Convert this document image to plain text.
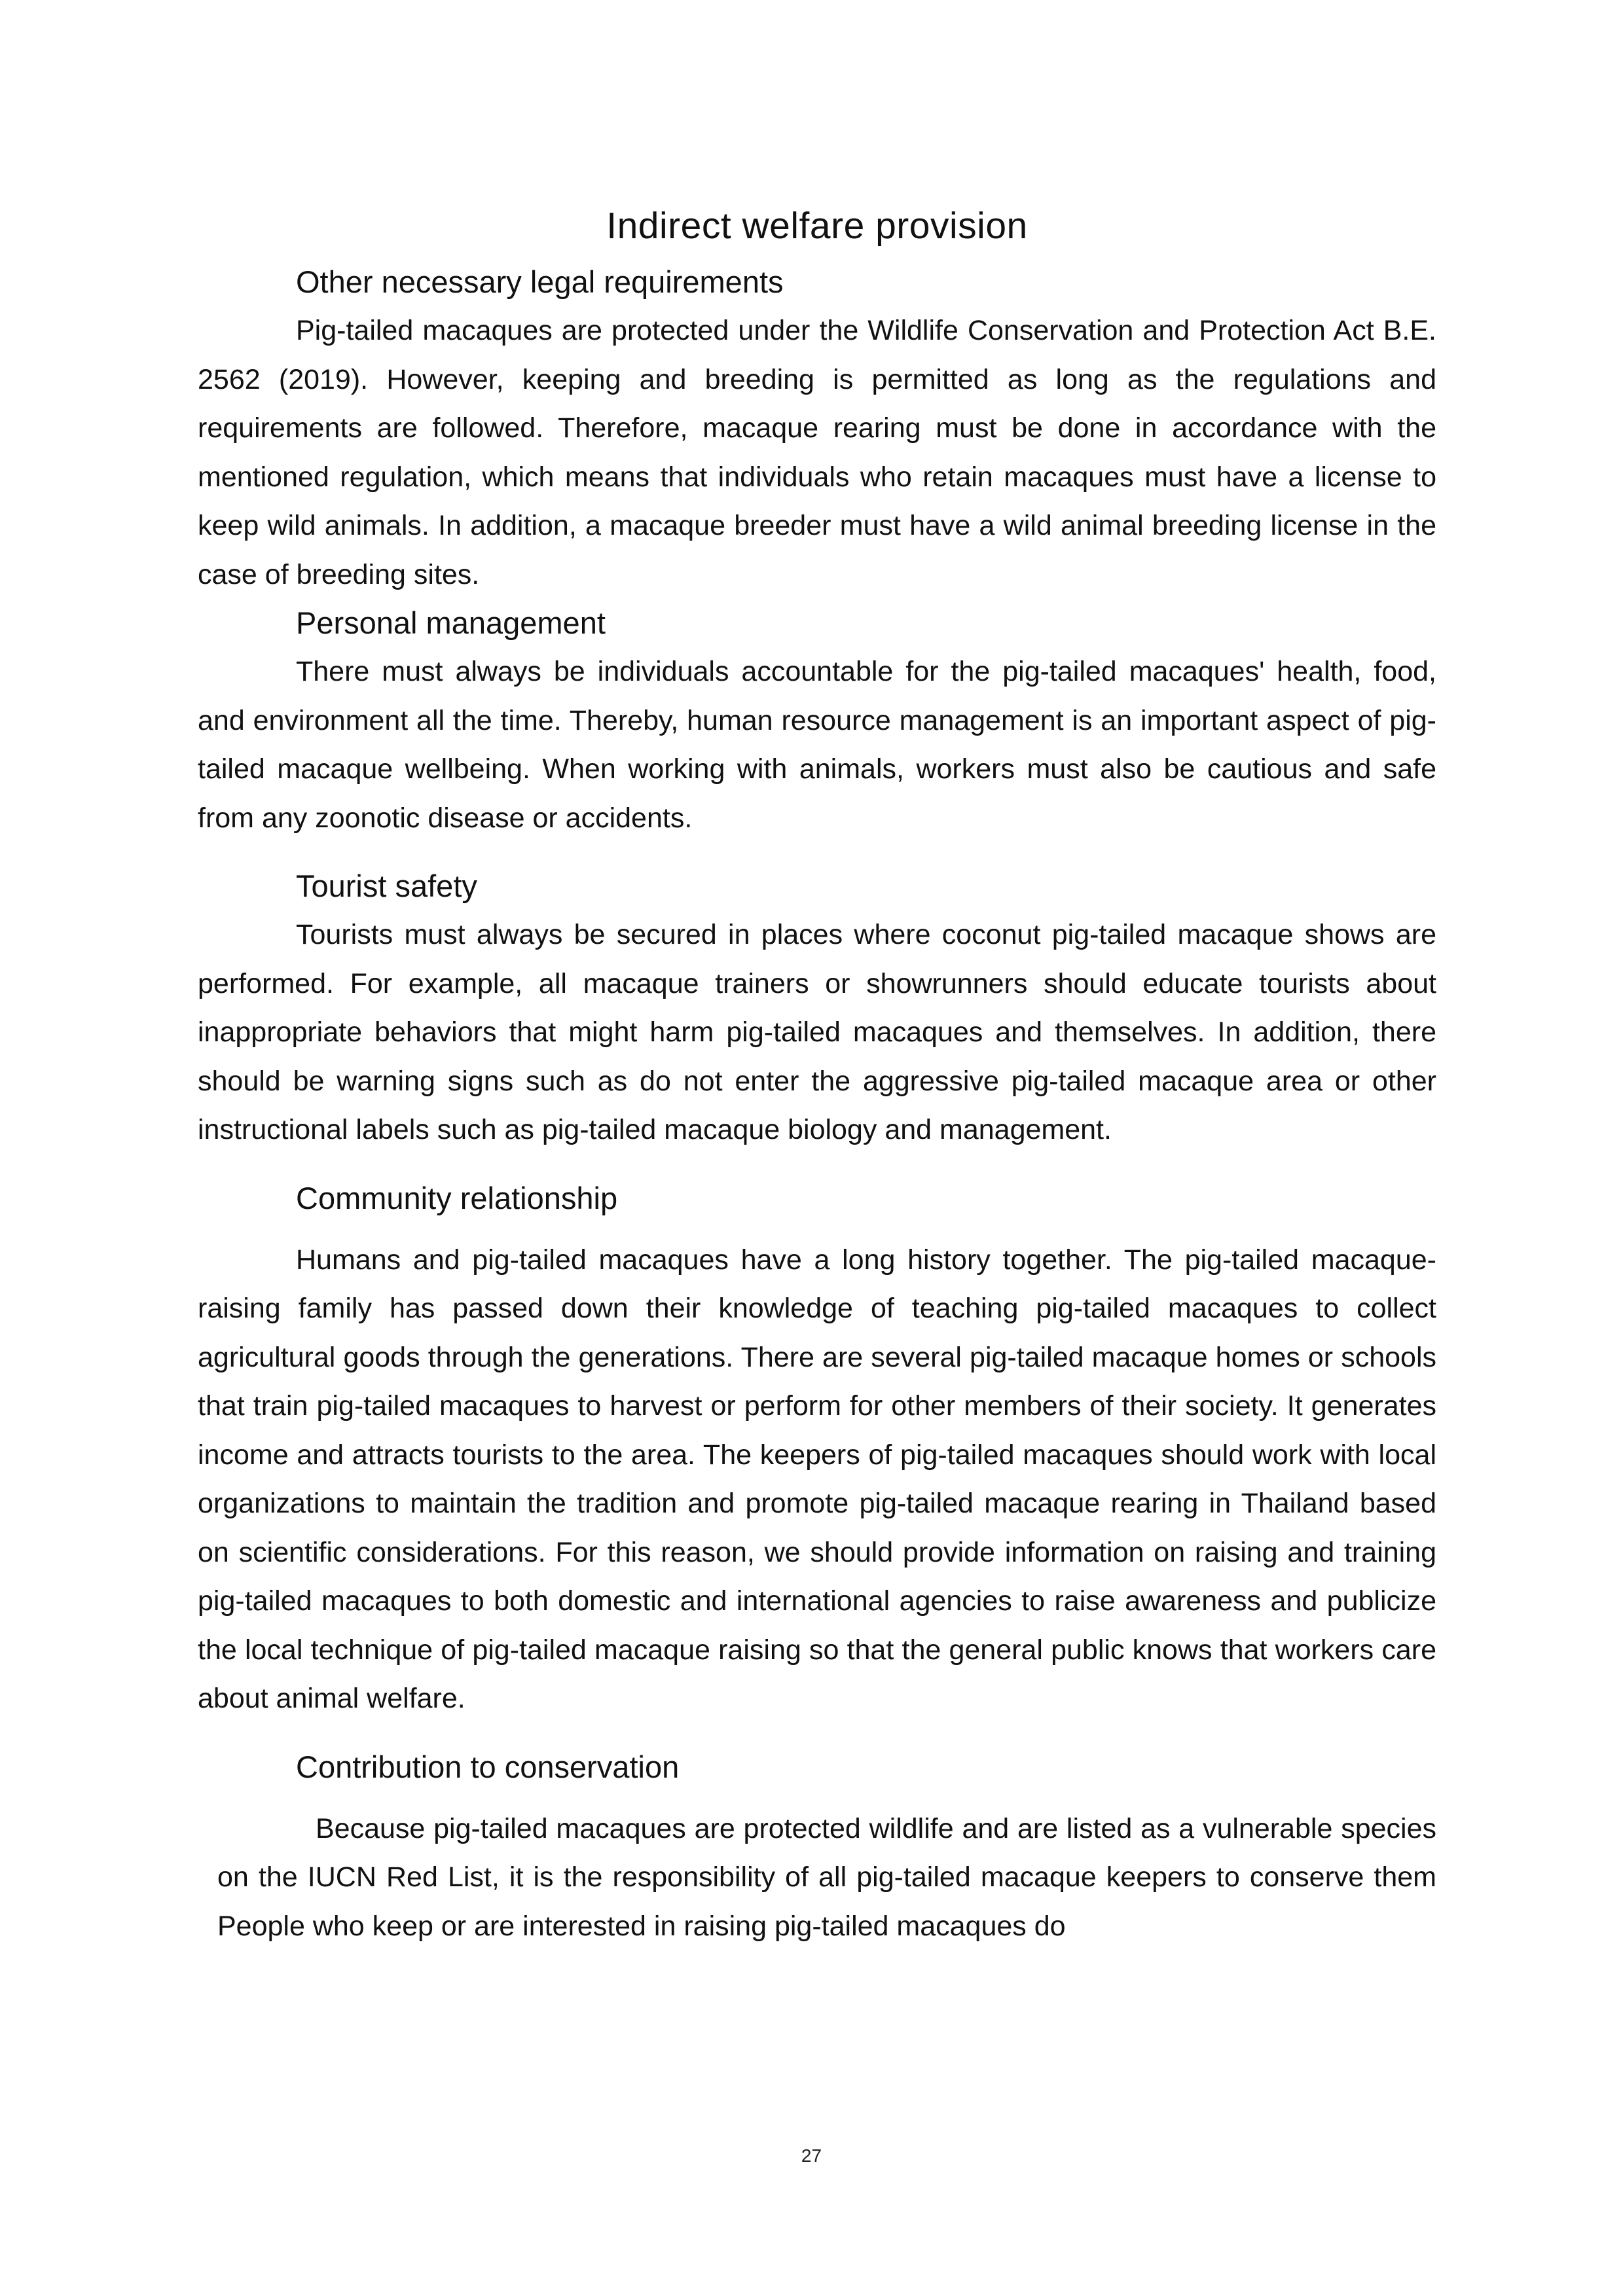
Indirect welfare provision
Other necessary legal requirements

Pig-tailed macaques are protected under the Wildlife Conservation and Protection Act B.E. 2562 (2019). However, keeping and breeding is permitted as long as the regulations and requirements are followed. Therefore, macaque rearing must be done in accordance with the mentioned regulation, which means that individuals who retain macaques must have a license to keep wild animals. In addition, a macaque breeder must have a wild animal breeding license in the case of breeding sites.

Personal management

There must always be individuals accountable for the pig-tailed macaques' health, food, and environment all the time. Thereby, human resource management is an important aspect of pig-tailed macaque wellbeing. When working with animals, workers must also be cautious and safe from any zoonotic disease or accidents.

Tourist safety

Tourists must always be secured in places where coconut pig-tailed macaque shows are performed. For example, all macaque trainers or showrunners should educate tourists about inappropriate behaviors that might harm pig-tailed macaques and themselves. In addition, there should be warning signs such as do not enter the aggressive pig-tailed macaque area or other instructional labels such as pig-tailed macaque biology and management.

Community relationship

Humans and pig-tailed macaques have a long history together. The pig-tailed macaque-raising family has passed down their knowledge of teaching pig-tailed macaques to collect agricultural goods through the generations. There are several pig-tailed macaque homes or schools that train pig-tailed macaques to harvest or perform for other members of their society. It generates income and attracts tourists to the area. The keepers of pig-tailed macaques should work with local organizations to maintain the tradition and promote pig-tailed macaque rearing in Thailand based on scientific considerations. For this reason, we should provide information on raising and training pig-tailed macaques to both domestic and international agencies to raise awareness and publicize the local technique of pig-tailed macaque raising so that the general public knows that workers care about animal welfare.

Contribution to conservation

Because pig-tailed macaques are protected wildlife and are listed as a vulnerable species on the IUCN Red List, it is the responsibility of all pig-tailed macaque keepers to conserve them People who keep or are interested in raising pig-tailed macaques do

27
